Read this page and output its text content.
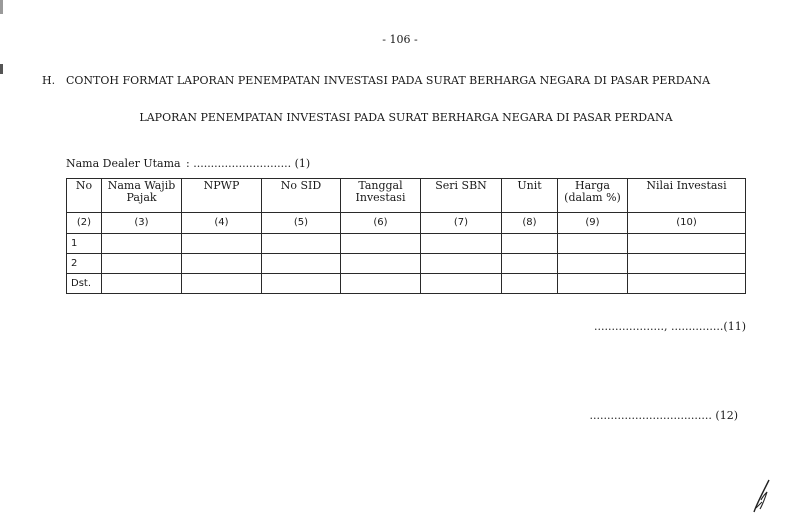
- 106 -
H. CONTOH FORMAT LAPORAN PENEMPATAN INVESTASI PADA SURAT BERHARGA NEGARA DI PASAR PERDANA
LAPORAN PENEMPATAN INVESTASI PADA SURAT BERHARGA NEGARA DI PASAR PERDANA
Nama Dealer Utama : ............................ (1)
No	Nama Wajib Pajak	NPWP	No SID	Tanggal Investasi	Seri SBN	Unit	Harga (dalam %)	Nilai Investasi
(2)	(3)	(4)	(5)	(6)	(7)	(8)	(9)	(10)
1								
2								
Dst.								
...................., ...............(11)
................................... (12)
